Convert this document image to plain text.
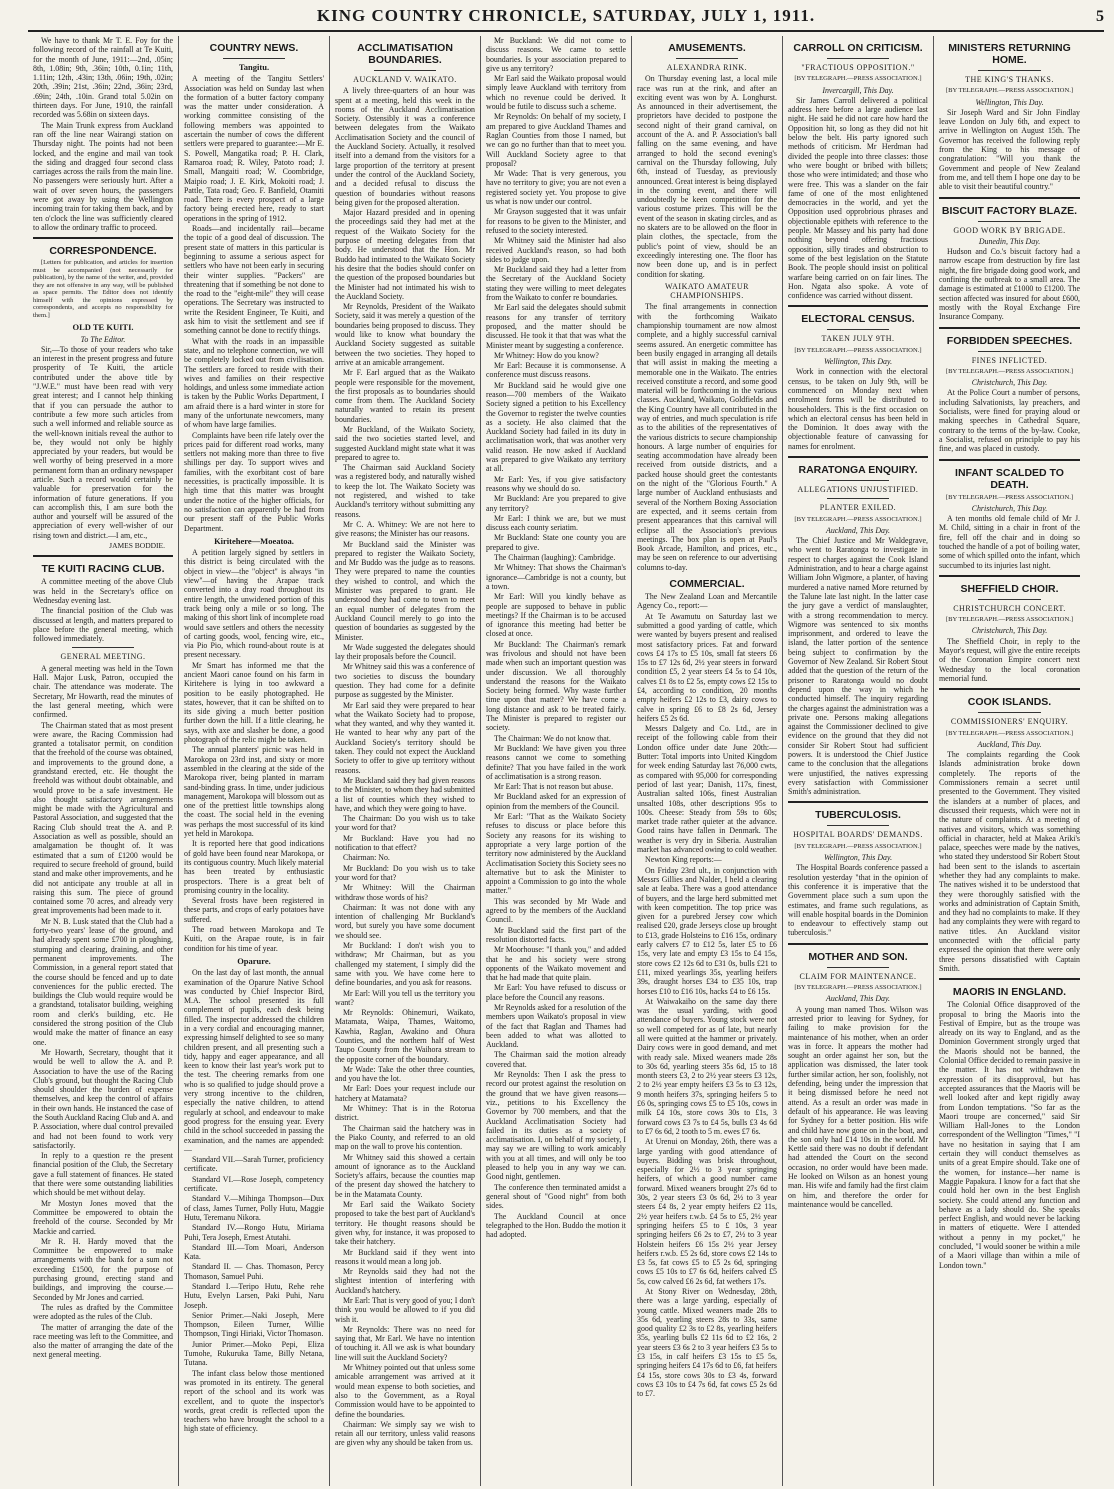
KING COUNTRY CHRONICLE, SATURDAY, JULY 1, 1911.	5

We have to thank Mr T. E. Foy for the following record of the rainfall at Te Kuiti, for the month of June, 1911:—2nd, .05in; 8th, 1.08in; 9th, .36in; 10th, 0.1in; 11th, 1.11in; 12th, .43in; 13th, .06in; 19th, .02in; 20th, .39in; 21st, .36in; 22nd, .36in; 23rd, .69in; 24th, .10in. Grand total 5.02in on thirteen days. For June, 1910, the rainfall recorded was 5.68in on sixteen days.

The Main Trunk express from Auckland ran off the line near Wairangi station on Thursday night. The points had not been locked, and the engine and mail van took the siding and dragged four second class carriages across the rails from the main line. No passengers were seriously hurt. After a wait of over seven hours, the passengers were got away by using the Wellington incoming train for taking them back, and by ten o'clock the line was sufficiently cleared to allow the ordinary traffic to proceed.

CORRESPONDENCE.

[Letters for publication, and articles for insertion must be accompanied (not necessarily for publication), by the name of the writer, and, provided they are not offensive in any way, will be published as space permits. The Editor does not identify himself with the opinions expressed by correspondents, and accepts no responsibility for them.]

OLD TE KUITI.
To The Editor.

Sir,—To those of your readers who take an interest in the present progress and future prosperity of Te Kuiti, the article contributed under the above title by "J.W.E." must have been read with very great interest; and I cannot help thinking that if you can persuade the author to contribute a few more such articles from such a well informed and reliable source as the well-known initials reveal the author to be, they would not only be highly appreciated by your readers, but would be well worthy of being preserved in a more permanent form than an ordinary newspaper article. Such a record would certainly be valuable for preservation for the information of future generations. If you can accomplish this, I am sure both the author and yourself will be assured of the appreciation of every well-wisher of our rising town and district.—I am, etc.,

JAMES BODDIE.
TE KUITI RACING CLUB.

A committee meeting of the above Club was held in the Secretary's office on Wednesday evening last.

The financial position of the Club was discussed at length, and matters prepared to place before the general meeting, which followed immediately.

GENERAL MEETING.

A general meeting was held in the Town Hall. Major Lusk, Patron, occupied the chair. The attendance was moderate. The Secretary, Mr Howarth, read the minutes of the last general meeting, which were confirmed.

The Chairman stated that as most present were aware, the Racing Commission had granted a totalisator permit, on condition that the freehold of the course was obtained, and improvements to the ground done, a grandstand erected, etc. He thought the freehold was without doubt obtainable, and would prove to be a safe investment. He also thought satisfactory arrangements might be made with the Agricultural and Pastoral Association, and suggested that the Racing Club should treat the A. and P. Association as well as possible, should an amalgamation be thought of. It was estimated that a sum of £1200 would be required to secure freehold of ground, build stand and make other improvements, and he did not anticipate any trouble at all in raising this sum. The piece of ground contained some 70 acres, and already very great improvements had been made to it.

Mr N. B. Lusk stated that the Club had a forty-two years' lease of the ground, and had already spent some £700 in ploughing, stumping and clearing, draining, and other permanent improvements. The Commission, in a general report stated that the course should be fenced and up to date conveniences for the public erected. The buildings the Club would require would be a grandstand, totalisator building, weighing room and clerk's building, etc. He considered the strong position of the Club would make the matter of finance an easy one.

Mr Howarth, Secretary, thought that it would be well to allow the A. and P. Association to have the use of the Racing Club's ground, but thought the Racing Club should shoulder the burden of expense themselves, and keep the control of affairs in their own hands. He instanced the case of the South Auckland Racing Club and A. and P. Association, where dual control prevailed and had not been found to work very satisfactorily.

In reply to a question re the present financial position of the Club, the Secretary gave a full statement of finances. He stated that there were some outstanding liabilities which should be met without delay.

Mr Mostyn Jones moved that the Committee be empowered to obtain the freehold of the course. Seconded by Mr Mackie and carried.

Mr R. H. Hardy moved that the Committee be empowered to make arrangements with the bank for a sum not exceeding £1500, for the purpose of purchasing ground, erecting stand and buildings, and improving the course.—Seconded by Mr Jones and carried.

The rules as drafted by the Committee were adopted as the rules of the Club.

The matter of arranging the date of the race meeting was left to the Committee, and also the matter of arranging the date of the next general meeting.

COUNTRY NEWS.
Tangitu.

A meeting of the Tangitu Settlers' Association was held on Sunday last when the formation of a butter factory company was the matter under consideration. A working committee consisting of the following members was appointed to ascertain the number of cows the different settlers were prepared to guarantee:—Mr E. S. Powell, Mangatika road; P. H. Clark, Ramaroa road; R. Wiley, Patoto road; J. Small, Mangaiti road; W. Coombridge, Maipio road; J. E. Kirk, Mokoiti road; J. Pattle, Tata road; Geo. F. Banfield, Otamiti road. There is every prospect of a large factory being erected here, ready to start operations in the spring of 1912.

Roads—and incidentally rail—became the topic of a good deal of discussion. The present state of matters in this particular is beginning to assume a serious aspect for settlers who have not been early in securing their winter supplies. "Packers" are threatening that if something be not done to the road to the "eight-mile" they will cease operations. The Secretary was instructed to write the Resident Engineer, Te Kuiti, and ask him to visit the settlement and see if something cannot be done to rectify things.

What with the roads in an impassible state, and no telephone connection, we will be completely locked out from civilisation. The settlers are forced to reside with their wives and families on their respective holdings, and unless some immediate action is taken by the Public Works Department, I am afraid there is a hard winter in store for many of the unfortunate newcomers, many of whom have large families.

Complaints have been rife lately over the prices paid for different road works, many settlers not making more than three to five shillings per day. To support wives and families, with the exorbitant cost of bare necessities, is practically impossible. It is high time that this matter was brought under the notice of the higher officials, for no satisfaction can apparently be had from our present staff of the Public Works Department.

Kiritehere—Moeatoa.

A petition largely signed by settlers in this district is being circulated with the object in view—the "object" is always "in view"—of having the Arapae track converted into a dray road throughout its entire length, the unwidened portion of this track being only a mile or so long. The making of this short link of incomplete road would save settlers and others the necessity of carting goods, wool, fencing wire, etc., via Pio Pio, which round-about route is at present necessary.

Mr Smart has informed me that the ancient Maori canoe found on his farm in Kiritehere is lying in too awkward a position to be easily photographed. He states, however, that it can be shifted on to its side giving a much better position further down the hill. If a little clearing, he says, with axe and slasher be done, a good photograph of the relic might be taken.

The annual planters' picnic was held in Marokopa on 23rd inst, and sixty or more assembled in the clearing at the side of the Marokopa river, being planted in marram sand-binding grass. In time, under judicious management, Marokopa will blossom out as one of the prettiest little townships along the coast. The social held in the evening was perhaps the most successful of its kind yet held in Marokopa.

It is reported here that good indications of gold have been found near Marokopa, or its contiguous country. Much likely material has been treated by enthusiastic prospectors. There is a great belt of promising country in the locality.

Several frosts have been registered in these parts, and crops of early potatoes have suffered.

The road between Marokopa and Te Kuiti, on the Arapae route, is in fair condition for his time of year.

Oparure.

On the last day of last month, the annual examination of the Oparure Native School was conducted by Chief Inspector Bird, M.A. The school presented its full complement of pupils, each desk being filled. The inspector addressed the children in a very cordial and encouraging manner, expressing himself delighted to see so many children present, and all presenting such a tidy, happy and eager appearance, and all keen to know their last year's work put to the test. The cheering remarks from one who is so qualified to judge should prove a very strong incentive to the children, especially the native children, to attend regularly at school, and endeavour to make good progress for the ensuing year. Every child in the school succeeded in passing the examination, and the names are appended:—

Standard VII.—Sarah Turner, proficiency certificate.

Standard VI.—Rose Joseph, competency certificate.

Standard V.—Mihinga Thompson—Dux of class, James Turner, Polly Hutu, Maggie Hutu, Teremanu Nikora.

Standard IV.—Rongo Hutu, Miriama Puhi, Tera Joseph, Ernest Atutahi.

Standard III.—Tom Moari, Anderson Kata.

Standard II. — Chas. Thomason, Percy Thomason, Samuel Puhi.

Standard I.—Teripo Hutu, Rehe rehe Hutu, Evelyn Larsen, Paki Puhi, Naru Joseph.

Senior Primer.—Naki Joseph, Mere Thompson, Eileen Turner, Willie Thompson, Tingi Hiriaki, Victor Thomason.

Junior Primer.—Moko Pepi, Eliza Tumohe, Rukuruka Tame, Billy Netana, Tutana.

The infant class below those mentioned was promoted in its entirety. The general report of the school and its work was excellent, and to quote the inspector's words, great credit is reflected upon the teachers who have brought the school to a high state of efficiency.

ACCLIMATISATION BOUNDARIES.
AUCKLAND V. WAIKATO.

A lively three-quarters of an hour was spent at a meeting, held this week in the rooms of the Auckland Acclimatisation Society. Ostensibly it was a conference between delegates from the Waikato Acclimatisation Society and the council of the Auckland Society. Actually, it resolved itself into a demand from the visitors for a large proportion of the territory at present under the control of the Auckland Society, and a decided refusal to discuss the question of boundaries without reasons being given for the proposed alteration.

Major Hazard presided and in opening the proceedings said they had met at the request of the Waikato Society for the purpose of meeting delegates from that body. He understood that the Hon. Mr Buddo had intimated to the Waikato Society his desire that the bodies should confer on the question of the proposed boundaries but the Minister had not intimated his wish to the Auckland Society.

Mr Reynolds, President of the Waikato Society, said it was merely a question of the boundaries being proposed to discuss. They would like to know what boundary the Auckland Society suggested as suitable between the two societies. They hoped to arrive at an amicable arrangement.

Mr F. Earl argued that as the Waikato people were responsible for the movement, the first proposals as to boundaries should come from them. The Auckland Society naturally wanted to retain its present boundaries.

Mr Buckland, of the Waikato Society, said the two societies started level, and suggested Auckland might state what it was prepared to agree to.

The Chairman said Auckland Society was a registered body, and naturally wished to keep the lot. The Waikato Society was not registered, and wished to take Auckland's territory without submitting any reasons.

Mr C. A. Whitney: We are not here to give reasons; the Minister has our reasons.

Mr Buckland said the Minister was prepared to register the Waikato Society, and Mr Buddo was the judge as to reasons. They were prepared to name the counties they wished to control, and which the Minister was prepared to grant. He understood they had come to town to meet an equal number of delegates from the Auckland Council merely to go into the question of boundaries as suggested by the Minister.

Mr Wade suggested the delegates should lay their proposals before the Council.

Mr Whitney said this was a conference of two societies to discuss the boundary question. They had come for a definite purpose as suggested by the Minister.

Mr Earl said they were prepared to hear what the Waikato Society had to propose, what they wanted, and why they wanted it. He wanted to hear why any part of the Auckland Society's territory should be taken. They could not expect the Auckland Society to offer to give up territory without reasons.

Mr Buckland said they had given reasons to the Minister, to whom they had submitted a list of counties which they wished to have, and which they were going to have.

The Chairman: Do you wish us to take your word for that?

Mr Buckland: Have you had no notification to that effect?

Chairman: No.

Mr Buckland: Do you wish us to take your word for that?

Mr Whitney: Will the Chairman withdraw those words of his?

Chairman: It was not done with any intention of challenging Mr Buckland's word, but surely you have some document we should see.

Mr Buckland: I don't wish you to withdraw; Mr Chairman, but as you challenged my statement, I simply did the same with you. We have come here to define boundaries, and you ask for reasons.

Mr Earl: Will you tell us the territory you want?

Mr Reynolds: Ohinemuri, Waikato, Matamata, Waipa, Thames, Waitomo, Kawhia, Raglan, Awakino and Ohura Counties, and the northern half of West Taupo County from the Waihora stream to the opposite corner of the boundary.

Mr Wade: Take the other three counties, and you have the lot.

Mr Earl: Does your request include our hatchery at Matamata?

Mr Whitney: That is in the Rotorua district.

The Chairman said the hatchery was in the Piako County, and referred to an old map on the wall to prove his contention.

Mr Whitney said this showed a certain amount of ignorance as to the Auckland Society's affairs, because the counties map of the present day showed the hatchery to be in the Matamata County.

Mr Earl said the Waikato Society proposed to take the best part of Auckland's territory. He thought reasons should be given why, for instance, it was proposed to take their hatchery.

Mr Buckland said if they went into reasons it would mean a long job.

Mr Reynolds said they had not the slightest intention of interfering with Auckland's hatchery.

Mr Earl: That is very good of you; I don't think you would be allowed to if you did wish it.

Mr Reynolds: There was no need for saying that, Mr Earl. We have no intention of touching it. All we ask is what boundary line will suit the Auckland Society?

Mr Whitney pointed out that unless some amicable arrangement was arrived at it would mean expense to both societies, and also to the Government, as a Royal Commission would have to be appointed to define the boundaries.

Chairman: We simply say we wish to retain all our territory, unless valid reasons are given why any should be taken from us.

Mr Buckland: We did not come to discuss reasons. We came to settle boundaries. Is your association prepared to give us any territory?

Mr Earl said the Waikato proposal would simply leave Auckland with territory from which no revenue could be derived. It would be futile to discuss such a scheme.

Mr Reynolds: On behalf of my society, I am prepared to give Auckland Thames and Raglan Counties from those I named, but we can go no further than that to meet you. Will Auckland Society agree to that proposal?

Mr Wade: That is very generous, you have no territory to give; you are not even a registered society yet. You propose to give us what is now under our control.

Mr Grayson suggested that it was unfair for reasons to be given to the Minister, and refused to the society interested.

Mr Whitney said the Minister had also received Auckland's reason, so had both sides to judge upon.

Mr Buckland said they had a letter from the Secretary of the Auckland Society stating they were willing to meet delegates from the Waikato to confer re boundaries.

Mr Earl said the delegates should submit reasons for any transfer of territory proposed, and the matter should be discussed. He took it that that was what the Minister meant by suggesting a conference.

Mr Whitney: How do you know?

Mr Earl: Because it is commonsense. A conference must discuss reasons.

Mr Buckland said he would give one reason—700 members of the Waikato Society signed a petition to his Excellency the Governor to register the twelve counties as a society. He also claimed that the Auckland Society had failed in its duty in acclimatisation work, that was another very valid reason. He now asked if Auckland was prepared to give Waikato any territory at all.

Mr Earl: Yes, if you give satisfactory reasons why we should do so.

Mr Buckland: Are you prepared to give any territory?

Mr Earl: I think we are, but we must discuss each county seriatim.

Mr Buckland: State one county you are prepared to give.

The Chairman (laughing): Cambridge.

Mr Whitney: That shows the Chairman's ignorance—Cambridge is not a county, but a town.

Mr Earl: Will you kindly behave as people are supposed to behave in public meetings? If the Chairman is to be accused of ignorance this meeting had better be closed at once.

Mr Buckland: The Chairman's remark was frivolous and should not have been made when such an important question was under discussion. We all thoroughly understand the reasons for the Waikato Society being formed. Why waste further time upon that matter? We have come a long distance and ask to be treated fairly. The Minister is prepared to register our society.

The Chairman: We do not know that.

Mr Buckland: We have given you three reasons cannot we come to something definite? That you have failed in the work of acclimatisation is a strong reason.

Mr Earl: That is not reason but abuse.

Mr Buckland asked for an expression of opinion from the members of the Council.

Mr Earl: "That as the Waikato Society refuses to discuss or place before this Society any reasons for its wishing to appropriate a very large portion of the territory now administered by the Auckland Acclimatisation Society this Society sees no alternative but to ask the Minister to appoint a Commission to go into the whole matter."

This was seconded by Mr Wade and agreed to by the members of the Auckland Council.

Mr Buckland said the first part of the resolution distorted facts.

Mr Moorhouse: "I thank you," and added that he and his society were strong opponents of the Waikato movement and that he had made that quite plain.

Mr Earl: You have refused to discuss or place before the Council any reasons.

Mr Reynolds asked for a resolution of the members upon Waikato's proposal in view of the fact that Raglan and Thames had been added to what was allotted to Auckland.

The Chairman said the motion already covered that.

Mr Reynolds: Then I ask the press to record our protest against the resolution on the ground that we have given reasons—viz., petitions to his Excellency the Governor by 700 members, and that the Auckland Acclimatisation Society had failed in its duties as a society of acclimatisation. I, on behalf of my society, I may say we are willing to work amicably with you at all times, and will only be too pleased to help you in any way we can. Good night, gentlemen.

The conference then terminated amidst a general shout of "Good night" from both sides.

The Auckland Council at once telegraphed to the Hon. Buddo the motion it had adopted.

AMUSEMENTS.
ALEXANDRA RINK.

On Thursday evening last, a local mile race was run at the rink, and after an exciting event was won by A. Longhurst. As announced in their advertisement, the proprietors have decided to postpone the second night of their grand carnival, on account of the A. and P. Association's ball falling on the same evening, and have arranged to hold the second evening's carnival on the Thursday following, July 6th, instead of Tuesday, as previously announced. Great interest is being displayed in the coming event, and there will undoubtedly be keen competition for the various costume prizes. This will be the event of the season in skating circles, and as no skaters are to be allowed on the floor in plain clothes, the spectacle, from the public's point of view, should be an exceedingly interesting one. The floor has now been done up, and is in perfect condition for skating.

WAIKATO AMATEUR CHAMPIONSHIPS.

The final arrangements in connection with the forthcoming Waikato championship tournament are now almost complete, and a highly successful carnival seems assured. An energetic committee has been busily engaged in arranging all details that will assist in making the meeting a memorable one in the Waikato. The entries received constitute a record, and some good material will be forthcoming in the various classes. Auckland, Waikato, Goldfields and the King Country have all contributed in the way of entries, and much speculation is rife as to the abilities of the representatives of the various districts to secure championship honours. A large number of enquiries for seating accommodation have already been received from outside districts, and a packed house should greet the contestants on the night of the "Glorious Fourth." A large number of Auckland enthusiasts and several of the Northern Boxing Association are expected, and it seems certain from present appearances that this carnival will eclipse all the Association's previous meetings. The box plan is open at Paul's Book Arcade, Hamilton, and prices, etc., may be seen on reference to our advertising columns to-day.

COMMERCIAL.

The New Zealand Loan and Mercantile Agency Co., report:—

At Te Awamutu on Saturday last we submitted a good yarding of cattle, which were wanted by buyers present and realised most satisfactory prices. Fat and forward cows £4 17s to £5 10s, small fat steers £6 15s to £7 12s 6d, 2½ year steers in forward condition £5, 2 year steers £4 5s to £4 10s, calves £1 8s to £2 5s, empty cows £2 15s to £4, according to condition, 20 months empty heifers £2 12s to £3, dairy cows to calve in spring £6 to £8 2s 6d, Jersey heifers £5 2s 6d.

Messrs Dalgety and Co. Ltd., are in receipt of the following cable from their London office under date June 20th:—Butter: Total imports into United Kingdom for week ending Saturday last 76,000 cwts, as compared with 95,000 for corresponding period of last year; Danish, 117s, finest, Australian salted 106s, finest Australian unsalted 108s, other descriptions 95s to 100s. Cheese: Steady from 59s to 60s; market trade rather quieter at the advance. Good rains have fallen in Denmark. The weather is very dry in Siberia. Australian market has advanced owing to cold weather.

Newton King reports:—

On Friday 23rd ult., in conjunction with Messrs Gillies and Nalder, I held a clearing sale at Ieaba. There was a good attendance of buyers, and the large herd submitted met with keen competition. The top price was given for a purebred Jersey cow which realised £20, grade Jerseys close up brought to £13, grade Holsteins to £16 15s, ordinary early calvers £7 to £12 5s, later £5 to £6 15s, very late and empty £3 15s to £4 15s, store cows £2 12s 6d to £31 0s, bulls £21 to £11, mixed yearlings 35s, yearling heifers 39s, draught horses £34 to £35 10s, trap horses £10 to £16 10s, hacks £4 to £6 15s.

At Waiwakaiho on the same day there was the usual yarding, with good attendance of buyers. Young stock were not so well competed for as of late, but nearly all were quitted at the hammer or privately. Dairy cows were in good demand, and met with ready sale. Mixed weaners made 28s to 30s 6d, yearling steers 35s 6d, 15 to 18 month steers £3, 2 to 2½ year steers £3 12s, 2 to 2½ year empty heifers £3 5s to £3 12s, 9 month heifers 37s, springing heifers 5 to £6 0s, springing cows £5 to £5 10s, cows in milk £4 10s, store cows 30s to £1s, 3 forward cows £3 7s to £4 5s, bulls £3 4s 6d to £7 6s 6d, 2 tooth to 5 m. ewes £7 6s.

At Urenui on Monday, 26th, there was a large yarding with good attendance of buyers. Bidding was brisk throughout, especially for 2½ to 3 year springing heifers, of which a good number came forward. Mixed weaners brought 27s 6d to 30s, 2 year steers £3 0s 6d, 2½ to 3 year steers £4 8s, 2 year empty heifers £2 11s, 2½ year heifers r.w.b. £4 5s to £5, 2½ year springing heifers £5 to £ 10s, 3 year springing heifers £6 2s to £7, 2½ to 3 year Holstein heifers £6 15s 2½ year Jersey heifers r.w.b. £5 2s 6d, store cows £2 14s to £3 5s, fat cows £5 to £5 2s 6d, springing cows £5 10s to £7 6s 6d, heifers calved £5 5s, cow calved £6 2s 6d, fat wethers 17s.

At Stony River on Wednesday, 28th, there was a large yarding, especially of young cattle. Mixed weaners made 28s to 35s 6d, yearling steers 28s to 33s, same good quality £2 3s to £2 8s, yearling heifers 35s, yearling bulls £2 11s 6d to £2 16s, 2 year steers £3 6s 2 to 3 year heifers £3 5s to £3 15s, in calf heifers £3 15s to £5 5s, springing heifers £4 17s 6d to £6, fat heifers £4 15s, store cows 30s to £3 4s, forward cows £3 10s to £4 7s 6d, fat cows £5 2s 6d to £7.

CARROLL ON CRITICISM.
"FRACTIOUS OPPOSITION."
[BY TELEGRAPH.—PRESS ASSOCIATION.]
Invercargill, This Day.

Sir James Carroll delivered a political address here before a large audience last night. He said he did not care how hard the Opposition hit, so long as they did not hit below the belt. His party ignored such methods of criticism. Mr Herdman had divided the people into three classes: those who were bought or bribed with billets; those who were intimidated; and those who were free. This was a slander on the fair fame of one of the most enlightened democracies in the world, and yet the Opposition used opprobrious phrases and objectionable epithets with reference to the people. Mr Massey and his party had done nothing beyond offering fractious opposition, silly tirades and obstruction to some of the best legislation on the Statute Book. The people should insist on political warfare being carried on on fair lines. The Hon. Ngata also spoke. A vote of confidence was carried without dissent.

ELECTORAL CENSUS.
TAKEN JULY 9TH.
[BY TELEGRAPH.—PRESS ASSOCIATION.]
Wellington, This Day.

Work in connection with the electoral census, to be taken on July 9th, will be commenced on Monday next when enrolment forms will be distributed to householders. This is the first occasion on which an electoral census has been held in the Dominion. It does away with the objectionable feature of canvassing for names for enrolment.

RARATONGA ENQUIRY.
ALLEGATIONS UNJUSTIFIED.
PLANTER EXILED.
[BY TELEGRAPH.—PRESS ASSOCIATION.]
Auckland, This Day.

The Chief Justice and Mr Waldegrave, who went to Raratonga to investigate in respect to charges against the Cook Island Administration, and to hear a charge against William John Wigmore, a planter, of having murdered a native named More returned by the Talune late last night. In the latter case the jury gave a verdict of manslaughter, with a strong recommendation to mercy. Wigmore was sentenced to six months imprisonment, and ordered to leave the island, the latter portion of the sentence being subject to confirmation by the Governor of New Zealand. Sir Robert Stout added that the question of the return of the prisoner to Raratonga would no doubt depend upon the way in which he conducted himself. The inquiry regarding the charges against the administration was a private one. Persons making allegations against the Commissioner declined to give evidence on the ground that they did not consider Sir Robert Stout had sufficient powers. It is understood the Chief Justice came to the conclusion that the allegations were unjustified, the natives expressing every satisfaction with Commissioner Smith's administration.

TUBERCULOSIS.
HOSPITAL BOARDS' DEMANDS.
[BY TELEGRAPH.—PRESS ASSOCIATION.]
Wellington, This Day.

The Hospital Boards conference passed a resolution yesterday "that in the opinion of this conference it is imperative that the Government place such a sum upon the estimates, and frame such regulations, as will enable hospital boards in the Dominion to endeavour to effectively stamp out tuberculosis."

MOTHER AND SON.
CLAIM FOR MAINTENANCE.
[BY TELEGRAPH.—PRESS ASSOCIATION.]
Auckland, This Day.

A young man named Thos. Wilson was arrested prior to leaving for Sydney, for failing to make provision for the maintenance of his mother, when an order was in force. It appears the mother had sought an order against her son, but the application was dismissed, the later took further similar action, her son, foolishly, not defending, being under the impression that it being dismissed before he need not attend. As a result an order was made in default of his appearance. He was leaving for Sydney for a better position. His wife and child have now gone on in the boat, and the son only had £14 10s in the world. Mr Kettle said there was no doubt if defendant had attended the Court on the second occasion, no order would have been made. He looked on Wilson as an honest young man. His wife and family had the first claim on him, and therefore the order for maintenance would be cancelled.

MINISTERS RETURNING HOME.
THE KING'S THANKS.
[BY TELEGRAPH.—PRESS ASSOCIATION.]
Wellington, This Day.

Sir Joseph Ward and Sir John Findlay leave London on July 6th, and expect to arrive in Wellington on August 15th. The Governor has received the following reply from the King to his message of congratulation: "Will you thank the Government and people of New Zealand from me, and tell them I hope one day to be able to visit their beautiful country."

BISCUIT FACTORY BLAZE.
GOOD WORK BY BRIGADE.
Dunedin, This Day.

Hudson and Co.'s biscuit factory had a narrow escape from destruction by fire last night, the fire brigade doing good work, and confining the outbreak to a small area. The damage is estimated at £1000 to £1200. The section affected was insured for about £600, mostly with the Royal Exchange Fire Insurance Company.

FORBIDDEN SPEECHES.
FINES INFLICTED.
[BY TELEGRAPH.—PRESS ASSOCIATION.]
Christchurch, This Day.

At the Police Court a number of persons, including Salvationists, lay preachers, and Socialists, were fined for praying aloud or making speeches in Cathedral Square, contrary to the terms of the by-law. Cooke, a Socialist, refused on principle to pay his fine, and was placed in custody.

INFANT SCALDED TO DEATH.
[BY TELEGRAPH.—PRESS ASSOCIATION.]
Christchurch, This Day.

A ten months old female child of Mr J. M. Child, sitting in a chair in front of the fire, fell off the chair and in doing so touched the handle of a pot of boiling water, some of which spilled onto the infant, which succumbed to its injuries last night.

SHEFFIELD CHOIR.
CHRISTCHURCH CONCERT.
[BY TELEGRAPH.—PRESS ASSOCIATION.]
Christchurch, This Day.

The Sheffield Choir, in reply to the Mayor's request, will give the entire receipts of the Coronation Empire concert next Wednesday to the local coronation memorial fund.

COOK ISLANDS.
COMMISSIONERS' ENQUIRY.
[BY TELEGRAPH.—PRESS ASSOCIATION.]
Auckland, This Day.

The complaints regarding the Cook Islands administration broke down completely. The reports of the Commissioners remain a secret until presented to the Government. They visited the islanders at a number of places, and discussed their requests, which were not in the nature of complaints. At a meeting of natives and visitors, which was something official in character, held at Makea Ariki's palace, speeches were made by the natives, who stated they understood Sir Robert Stout had been sent to the islands to ascertain whether they had any complaints to make. The natives wished it to be understood that they were thoroughly satisfied with the works and administration of Captain Smith, and they had no complaints to make. If they had any complaints they were with regard to native titles. An Auckland visitor unconnected with the official party expressed the opinion that there were only three persons dissatisfied with Captain Smith.

MAORIS IN ENGLAND.

The Colonial Office disapproved of the proposal to bring the Maoris into the Festival of Empire, but as the troupe was already on its way to England, and as the Dominion Government strongly urged that the Maoris should not be banned, the Colonial Office decided to remain passive in the matter. It has not withdrawn the expression of its disapproval, but has accepted assurances that the Maoris will be well looked after and kept rigidly away from London temptations. "So far as the Maori troupe are concerned," said Sir William Hall-Jones to the London correspondent of the Wellington "Times," "I have no hesitation in saying that I am certain they will conduct themselves as units of a great Empire should. Take one of the women, for instance—her name is Maggie Papakura. I know for a fact that she could hold her own in the best English society. She could attend any function and behave as a lady should do. She speaks perfect English, and would never be lacking in matters of etiquette. Were I attended without a penny in my pocket," he concluded, "I would sooner be within a mile of a Maori village than within a mile of London town."
